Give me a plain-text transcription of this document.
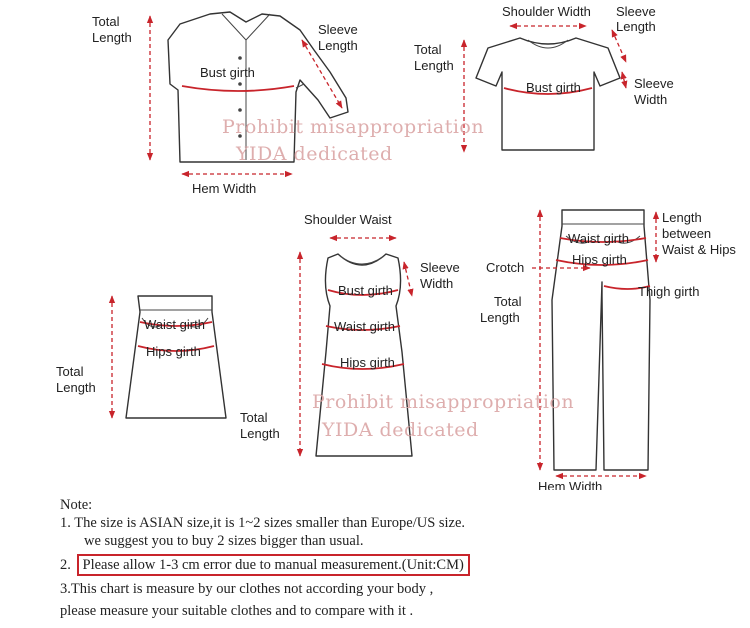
Total Length
Sleeve Length
Bust girth
Hem Width
Shoulder Width Sleeve Length
Total Length
Bust girth	Sleeve Width
Prohibit misappropriation
YIDA dedicated
Waist girth
Hips girth
Total Length
Shoulder Waist
Sleeve Width
Bust girth
Waist girth
Hips girth
Total Length
Length between Waist & Hips
Waist girth
Hips girth
Crotch
Thigh girth
Total Length
Hem Width
Prohibit misappropriation
YIDA dedicated
Note:
1. The size is ASIAN size,it is 1~2 sizes smaller than Europe/US size.
we suggest you to buy 2 sizes bigger than usual.
2. Please allow 1-3 cm error due to manual measurement.(Unit:CM)
3.This chart is measure by our clothes not according your body ,
please measure your suitable clothes and to compare with it .
